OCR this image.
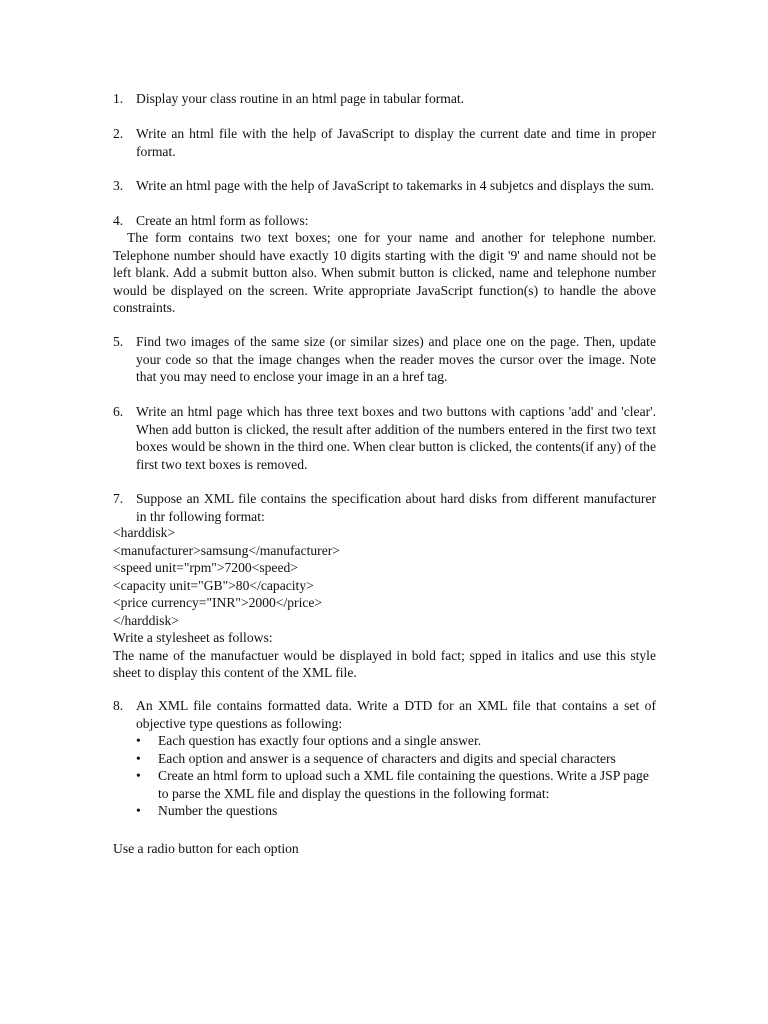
1. Display your class routine in an html page in tabular format.
2. Write an html file with the help of JavaScript to display the current date and time in proper format.
3. Write an html page with the help of JavaScript to takemarks in 4 subjetcs and displays the sum.
4. Create an html form as follows:
The form contains two text boxes; one for your name and another for telephone number. Telephone number should have exactly 10 digits starting with the digit '9' and name should not be left blank. Add a submit button also. When submit button is clicked, name and telephone number would be displayed on the screen. Write appropriate JavaScript function(s) to handle the above constraints.
5. Find two images of the same size (or similar sizes) and place one on the page. Then, update your code so that the image changes when the reader moves the cursor over the image. Note that you may need to enclose your image in an a href tag.
6. Write an html page which has three text boxes and two buttons with captions 'add' and 'clear'. When add button is clicked, the result after addition of the numbers entered in the first two text boxes would be shown in the third one. When clear button is clicked, the contents(if any) of the first two text boxes is removed.
7. Suppose an XML file contains the specification about hard disks from different manufacturer in thr following format:
<harddisk>
<manufacturer>samsung</manufacturer>
<speed unit="rpm">7200<speed>
<capacity unit="GB">80</capacity>
<price currency="INR">2000</price>
</harddisk>
Write a stylesheet as follows:
The name of the manufactuer would be displayed in bold fact; spped in italics and use this style sheet to display this content of the XML file.
8. An XML file contains formatted data. Write a DTD for an XML file that contains a set of objective type questions as following:
•	Each question has exactly four options and a single answer.
•	Each option and answer is a sequence of characters and digits and special characters
•	Create an html form to upload such a XML file containing the questions. Write a JSP page to parse the XML file and display the questions in the following format:
•	Number the questions
Use a radio button for each option
